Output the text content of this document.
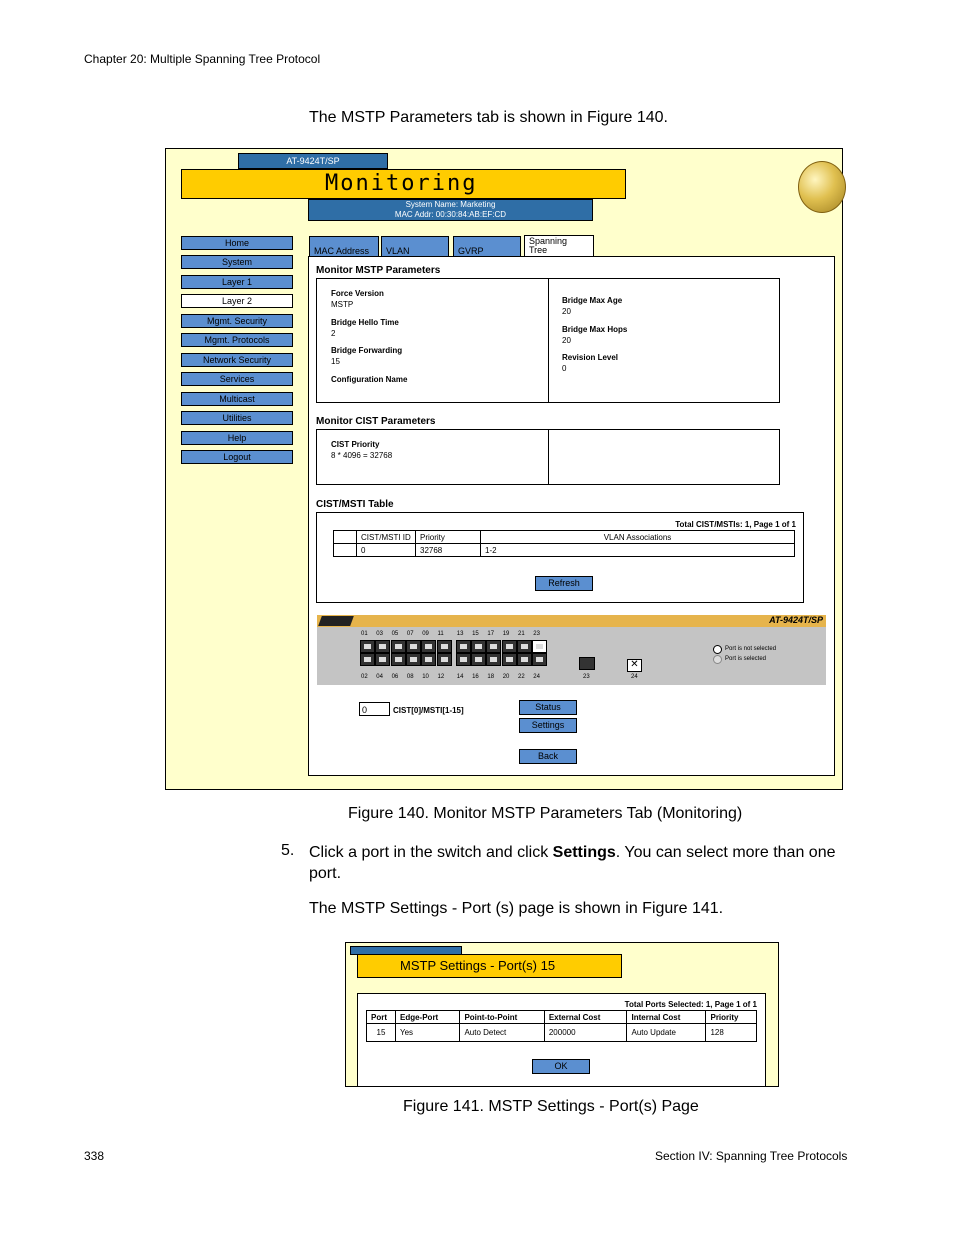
Chapter 20: Multiple Spanning Tree Protocol
The MSTP Parameters tab is shown in Figure 140.
AT-9424T/SP
Monitoring
System Name: Marketing
MAC Addr: 00:30:84:AB:EF:CD
Home
System
Layer 1
Layer 2
Mgmt. Security
Mgmt. Protocols
Network Security
Services
Multicast
Utilities
Help
Logout
MAC Address	VLAN	GVRP
Spanning Tree
Monitor MSTP Parameters
Force Version
MSTP
Bridge Hello Time
2
Bridge Forwarding
15
Configuration Name
Bridge Max Age
20
Bridge Max Hops
20
Revision Level
0
Monitor CIST Parameters
CIST Priority
8 * 4096 = 32768
CIST/MSTI Table
Total CIST/MSTIs: 1, Page 1 of 1
	CIST/MSTI ID	Priority	VLAN Associations
	0	32768	1-2
Refresh
AT-9424T/SP
01
02
03
04
05
06
07
08
09
10
11
12
13
14
15
16
17
18
19
20
21
22
23
24	23	24
✕
Port is not selected
Port is selected
0	CIST[0]/MSTI[1-15]	Status
Settings
Back
Figure 140. Monitor MSTP Parameters Tab (Monitoring)
5. Click a port in the switch and click Settings. You can select more than one port.
The MSTP Settings - Port (s) page is shown in Figure 141.
MSTP Settings - Port(s) 15
Total Ports Selected: 1, Page 1 of 1
Port	Edge-Port	Point-to-Point	External Cost	Internal Cost	Priority
15	Yes	Auto Detect	200000	Auto Update	128
OK
Figure 141. MSTP Settings - Port(s) Page
338	Section IV: Spanning Tree Protocols
